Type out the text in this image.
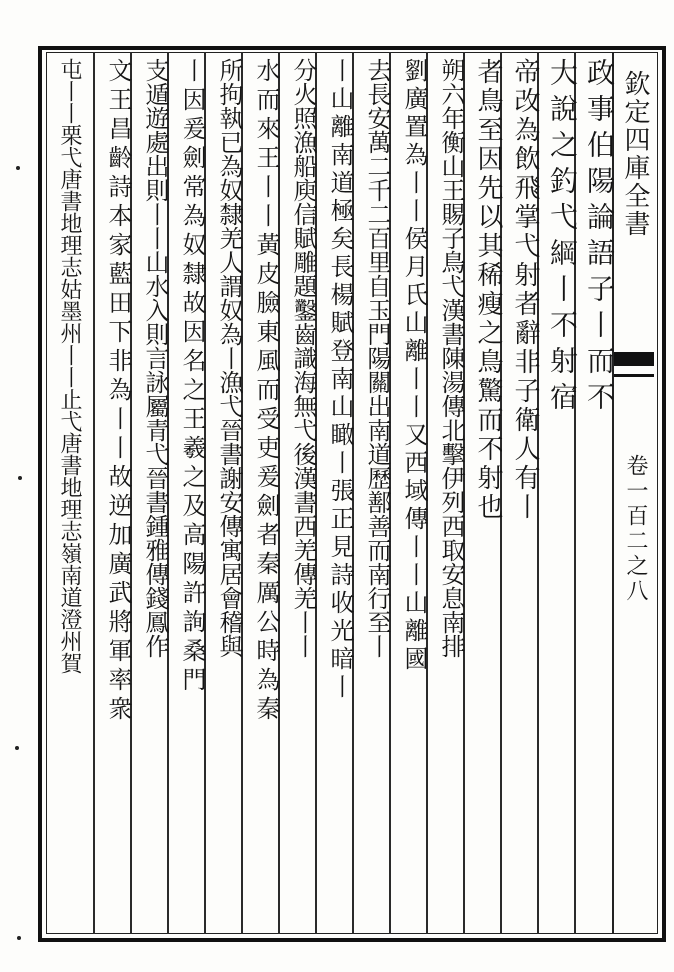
欽定四庫全書
卷一百二之八
政事伯陽論語子丨而不
大說之釣弋綱丨不射宿
帝改為飲飛掌弋射者辭非子衛人有丨
者鳥至因先以其稀瘦之鳥驚而不射也
朔六年衡山王賜子鳥弋漢書陳湯傳北擊伊列西取安息南排
劉廣置為丨丨侯月氏山離丨丨又西域傳丨丨山離國
去長安萬二千二百里自玉門陽關出南道歷鄯善而南行至丨
丨山離南道極矣長楊賦登南山瞰丨張正見詩收光暗丨
分火照漁船庾信賦雕題鑿齒識海無弋後漢書西羌傳羌丨丨
水而來王丨丨黃皮臉東風而受吏爰劍者秦厲公時為秦
所拘執已為奴隸羌人謂奴為丨漁弋晉書謝安傳寓居會稽與
丨因爰劍常為奴隸故因名之王羲之及高陽許詢桑門
支遁遊處出則丨丨山水入則言詠屬青弋晉書鍾雅傳錢鳳作
文王昌齡詩本家藍田下非為丨丨故逆加廣武將軍率衆
屯丨丨栗弋唐書地理志姑墨州丨丨止弋唐書地理志嶺南道澄州賀
